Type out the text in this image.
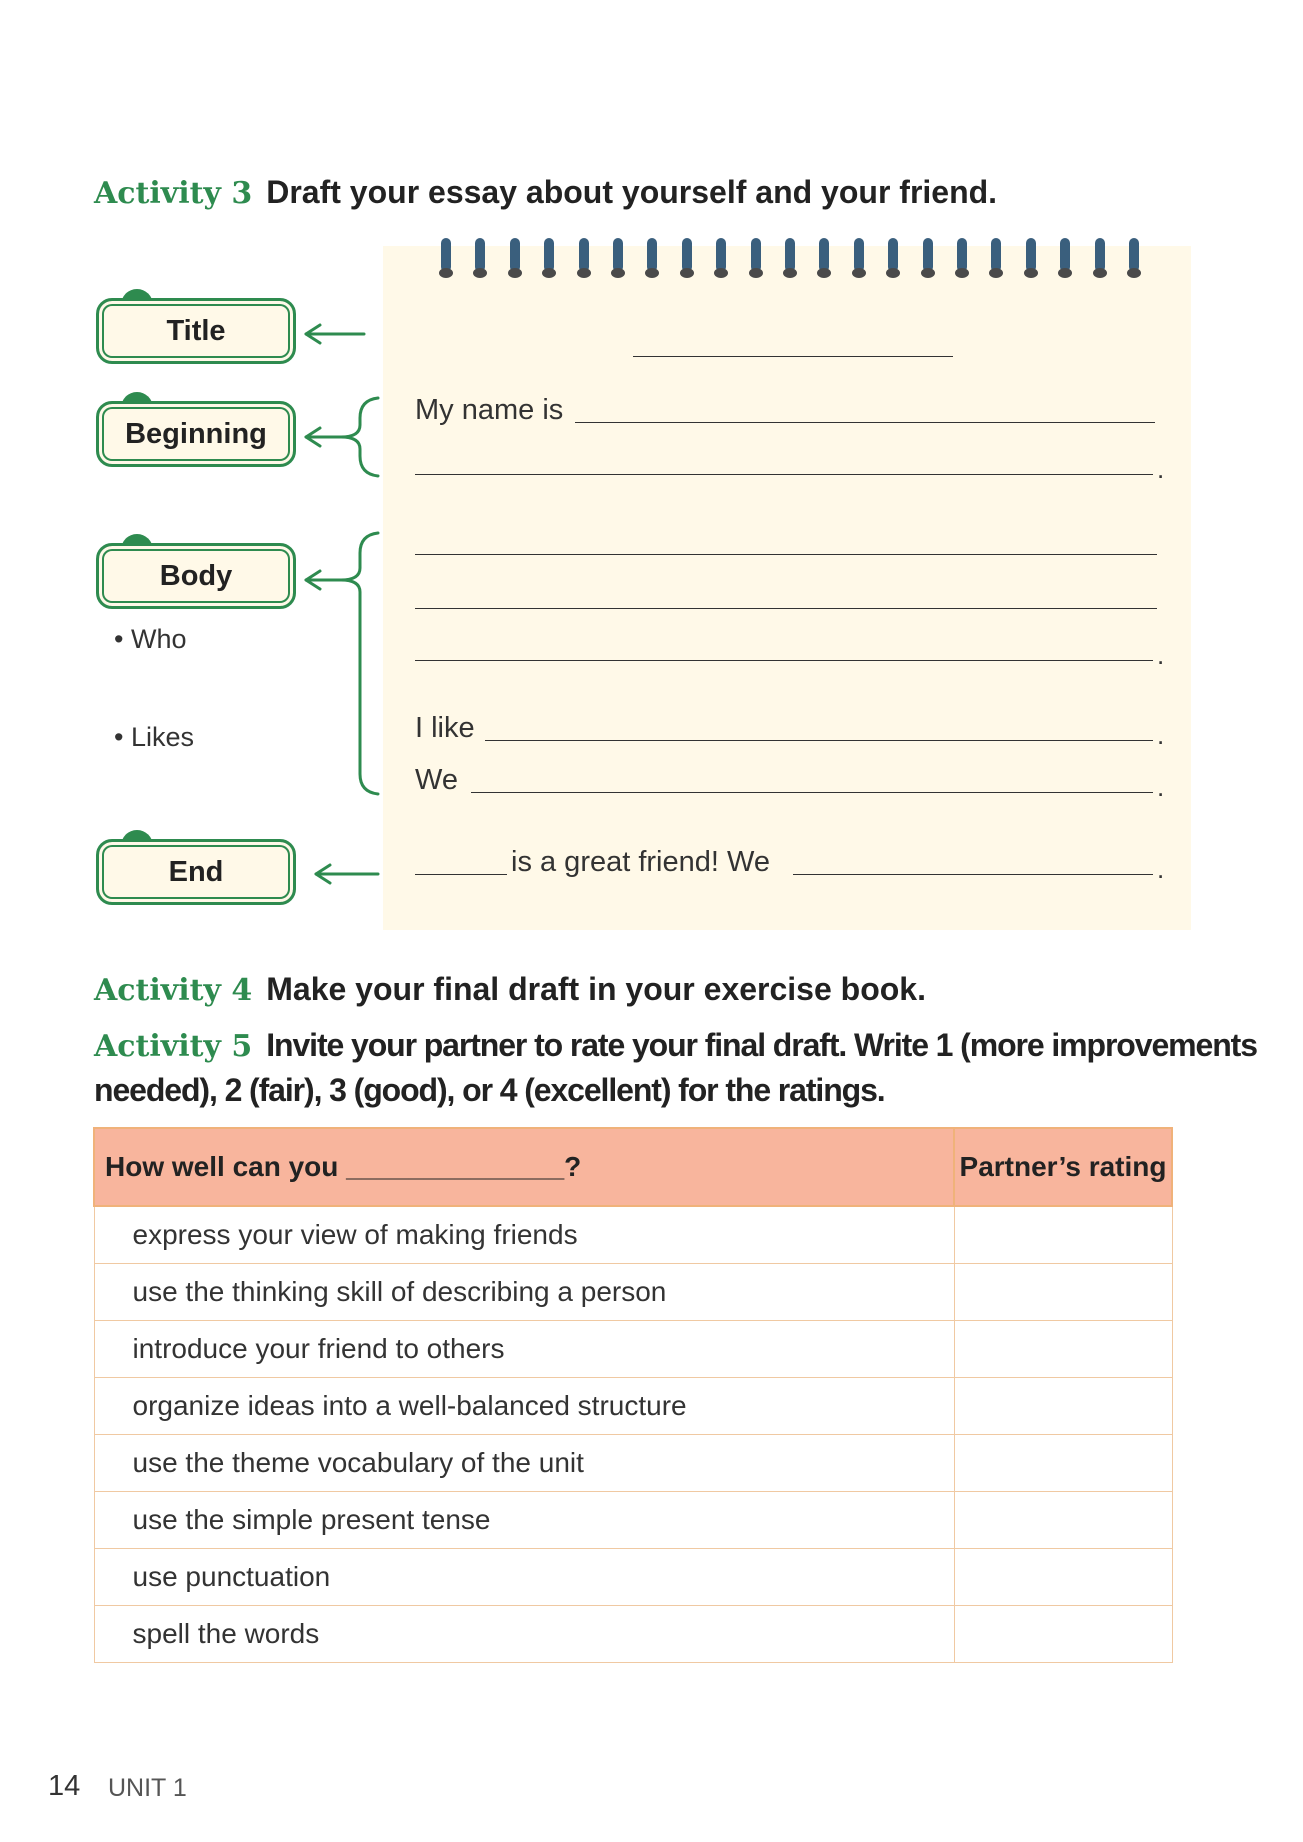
Activity 3 Draft your essay about yourself and your friend.
My name is
.
.
I like	.
We	.
is a great friend! We	.
Title
Beginning
Body
End
• Who
• Likes
Activity 4 Make your final draft in your exercise book.
Activity 5 Invite your partner to rate your final draft. Write 1 (more improvements
needed), 2 (fair), 3 (good), or 4 (excellent) for the ratings.
How well can you ______________?	Partner’s rating
express your view of making friends	
use the thinking skill of describing a person	
introduce your friend to others	
organize ideas into a well-balanced structure	
use the theme vocabulary of the unit	
use the simple present tense	
use punctuation	
spell the words	
14 UNIT 1
